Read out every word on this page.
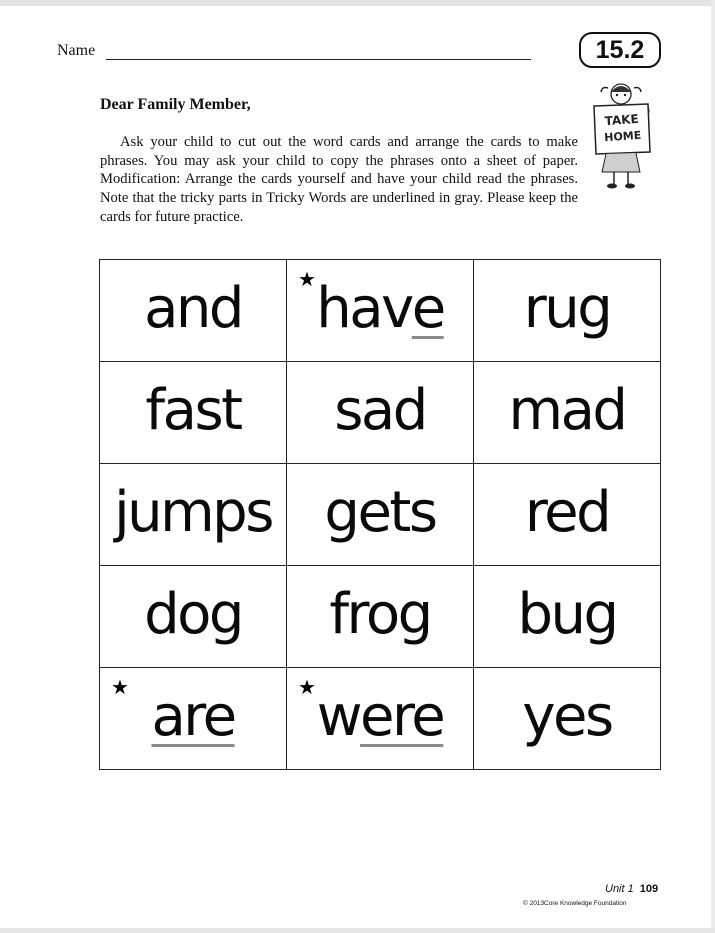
Name	15.2
TAKE
HOME
Dear Family Member,

Ask your child to cut out the word cards and arrange the cards to make phrases. You may ask your child to copy the phrases onto a sheet of paper. Modification: Arrange the cards yourself and have your child read the phrases. Note that the tricky parts in Tricky Words are underlined in gray. Please keep the cards for future practice.

and	★ have	rug
fast	sad	mad
jumps	gets	red
dog	frog	bug

★ are	★ were	yes
Unit 1 109
© 2013Core Knowledge Foundation
